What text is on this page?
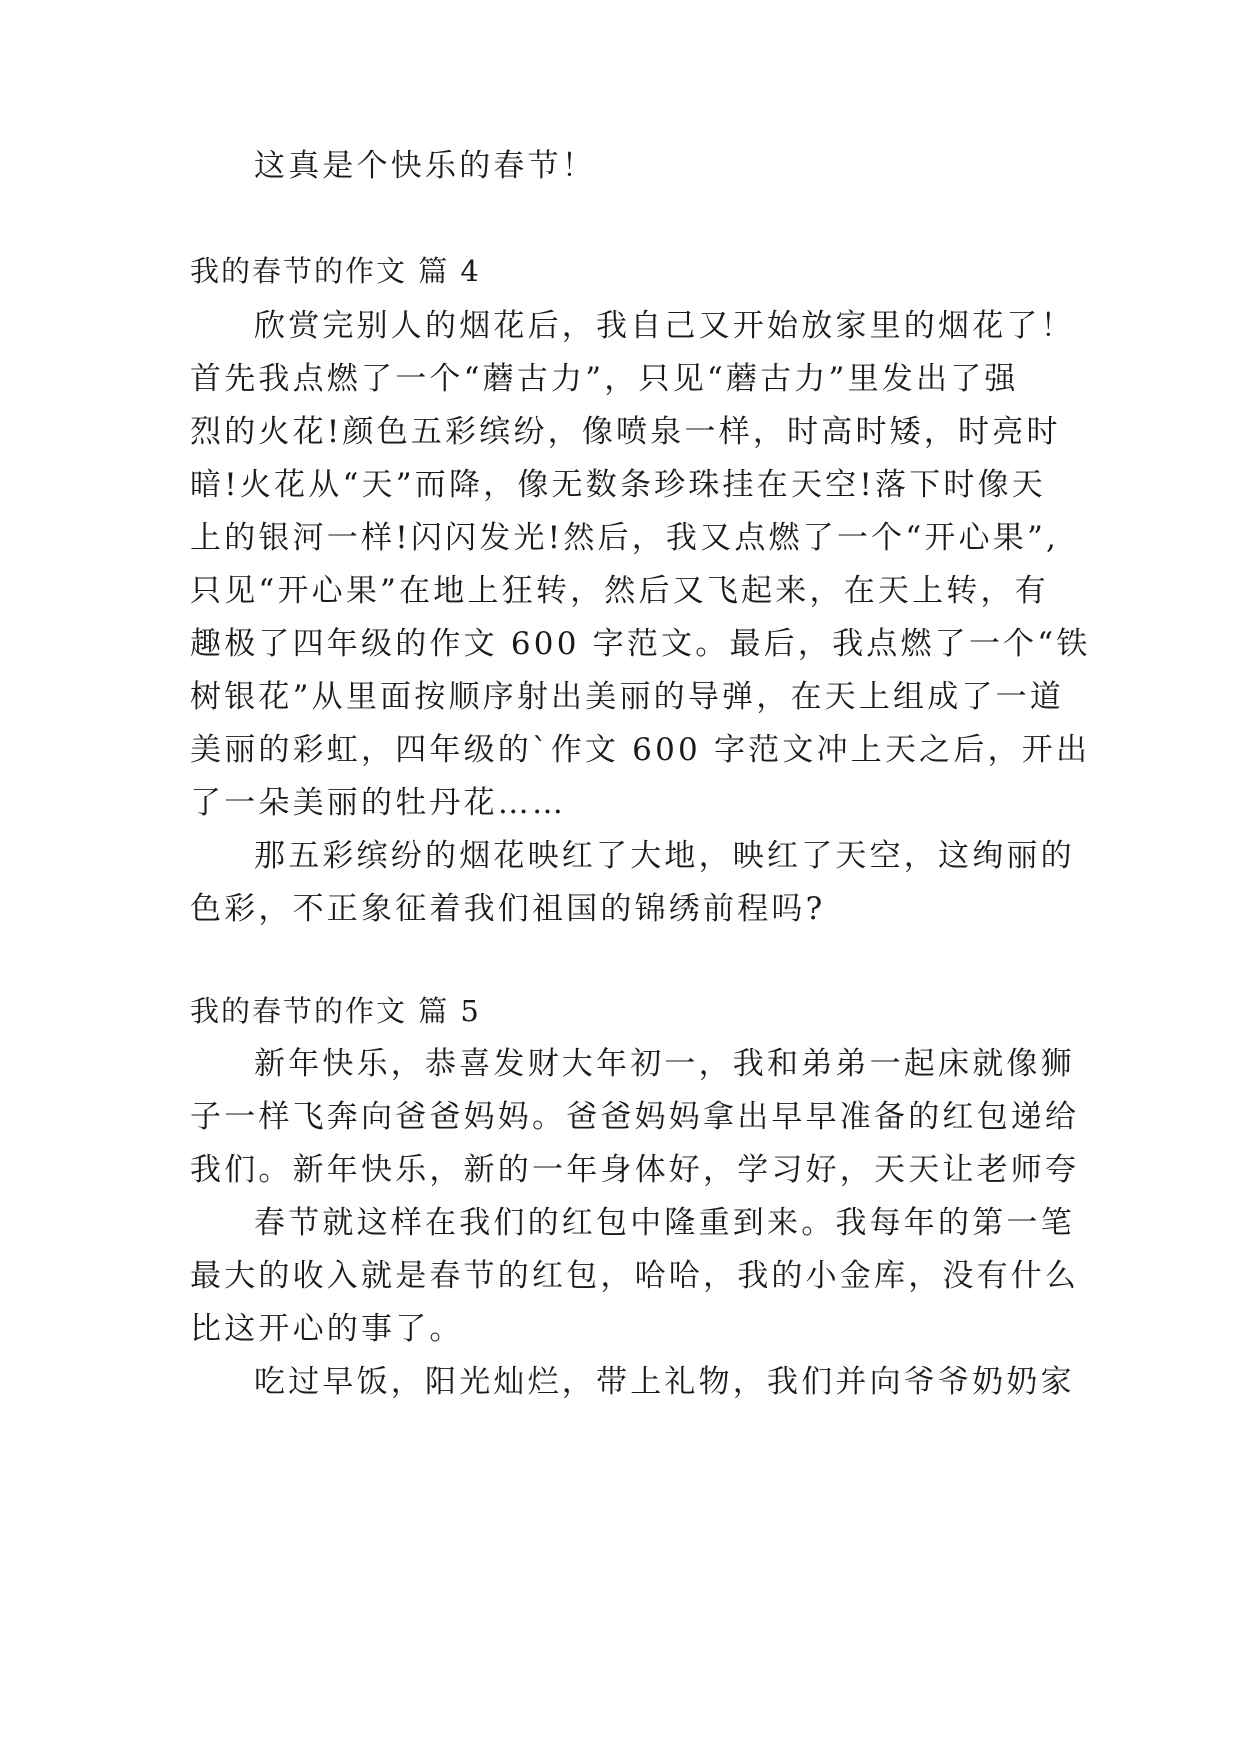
这真是个快乐的春节！
我的春节的作文 篇 4
欣赏完别人的烟花后，我自己又开始放家里的烟花了！
首先我点燃了一个“蘑古力”，只见“蘑古力”里发出了强
烈的火花!颜色五彩缤纷，像喷泉一样，时高时矮，时亮时
暗!火花从“天”而降，像无数条珍珠挂在天空!落下时像天
上的银河一样!闪闪发光!然后，我又点燃了一个“开心果”,
只见“开心果”在地上狂转，然后又飞起来，在天上转，有
趣极了四年级的作文 600 字范文。最后，我点燃了一个“铁
树银花”从里面按顺序射出美丽的导弹，在天上组成了一道
美丽的彩虹，四年级的`作文 600 字范文冲上天之后，开出
了一朵美丽的牡丹花……
那五彩缤纷的烟花映红了大地，映红了天空，这绚丽的
色彩，不正象征着我们祖国的锦绣前程吗?
我的春节的作文 篇 5
新年快乐，恭喜发财大年初一，我和弟弟一起床就像狮
子一样飞奔向爸爸妈妈。爸爸妈妈拿出早早准备的红包递给
我们。新年快乐，新的一年身体好，学习好，天天让老师夸
春节就这样在我们的红包中隆重到来。我每年的第一笔
最大的收入就是春节的红包，哈哈，我的小金库，没有什么
比这开心的事了。
吃过早饭，阳光灿烂，带上礼物，我们并向爷爷奶奶家
